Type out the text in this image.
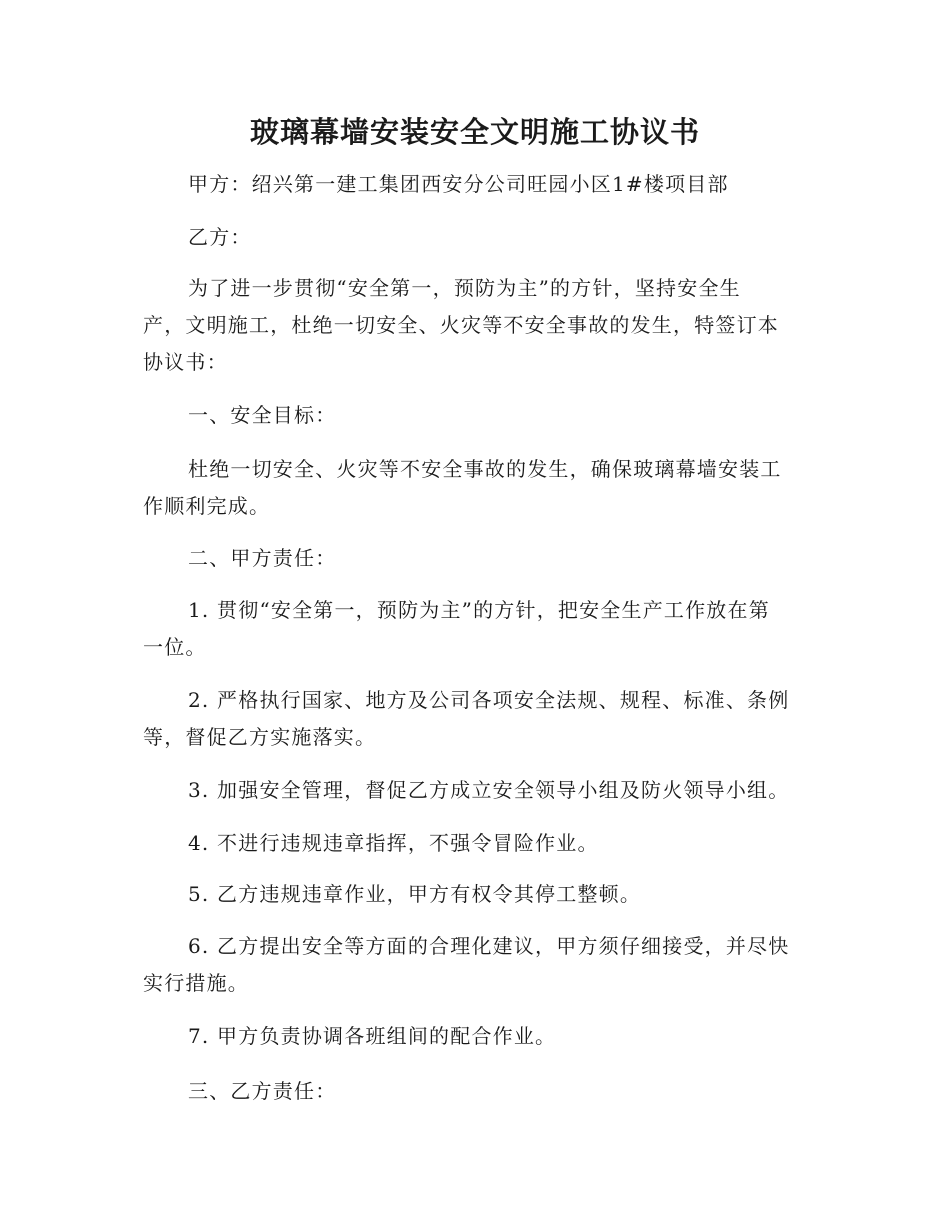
玻璃幕墙安装安全文明施工协议书

甲方：绍兴第一建工集团西安分公司旺园小区1#楼项目部

乙方：

为了进一步贯彻“安全第一，预防为主”的方针，坚持安全生
产，文明施工，杜绝一切安全、火灾等不安全事故的发生，特签订本
协议书：

一、安全目标：

杜绝一切安全、火灾等不安全事故的发生，确保玻璃幕墙安装工
作顺利完成。

二、甲方责任：

1. 贯彻“安全第一，预防为主”的方针，把安全生产工作放在第
一位。

2. 严格执行国家、地方及公司各项安全法规、规程、标准、条例
等，督促乙方实施落实。

3. 加强安全管理，督促乙方成立安全领导小组及防火领导小组。

4. 不进行违规违章指挥，不强令冒险作业。

5. 乙方违规违章作业，甲方有权令其停工整顿。

6. 乙方提出安全等方面的合理化建议，甲方须仔细接受，并尽快
实行措施。

7. 甲方负责协调各班组间的配合作业。

三、乙方责任：
